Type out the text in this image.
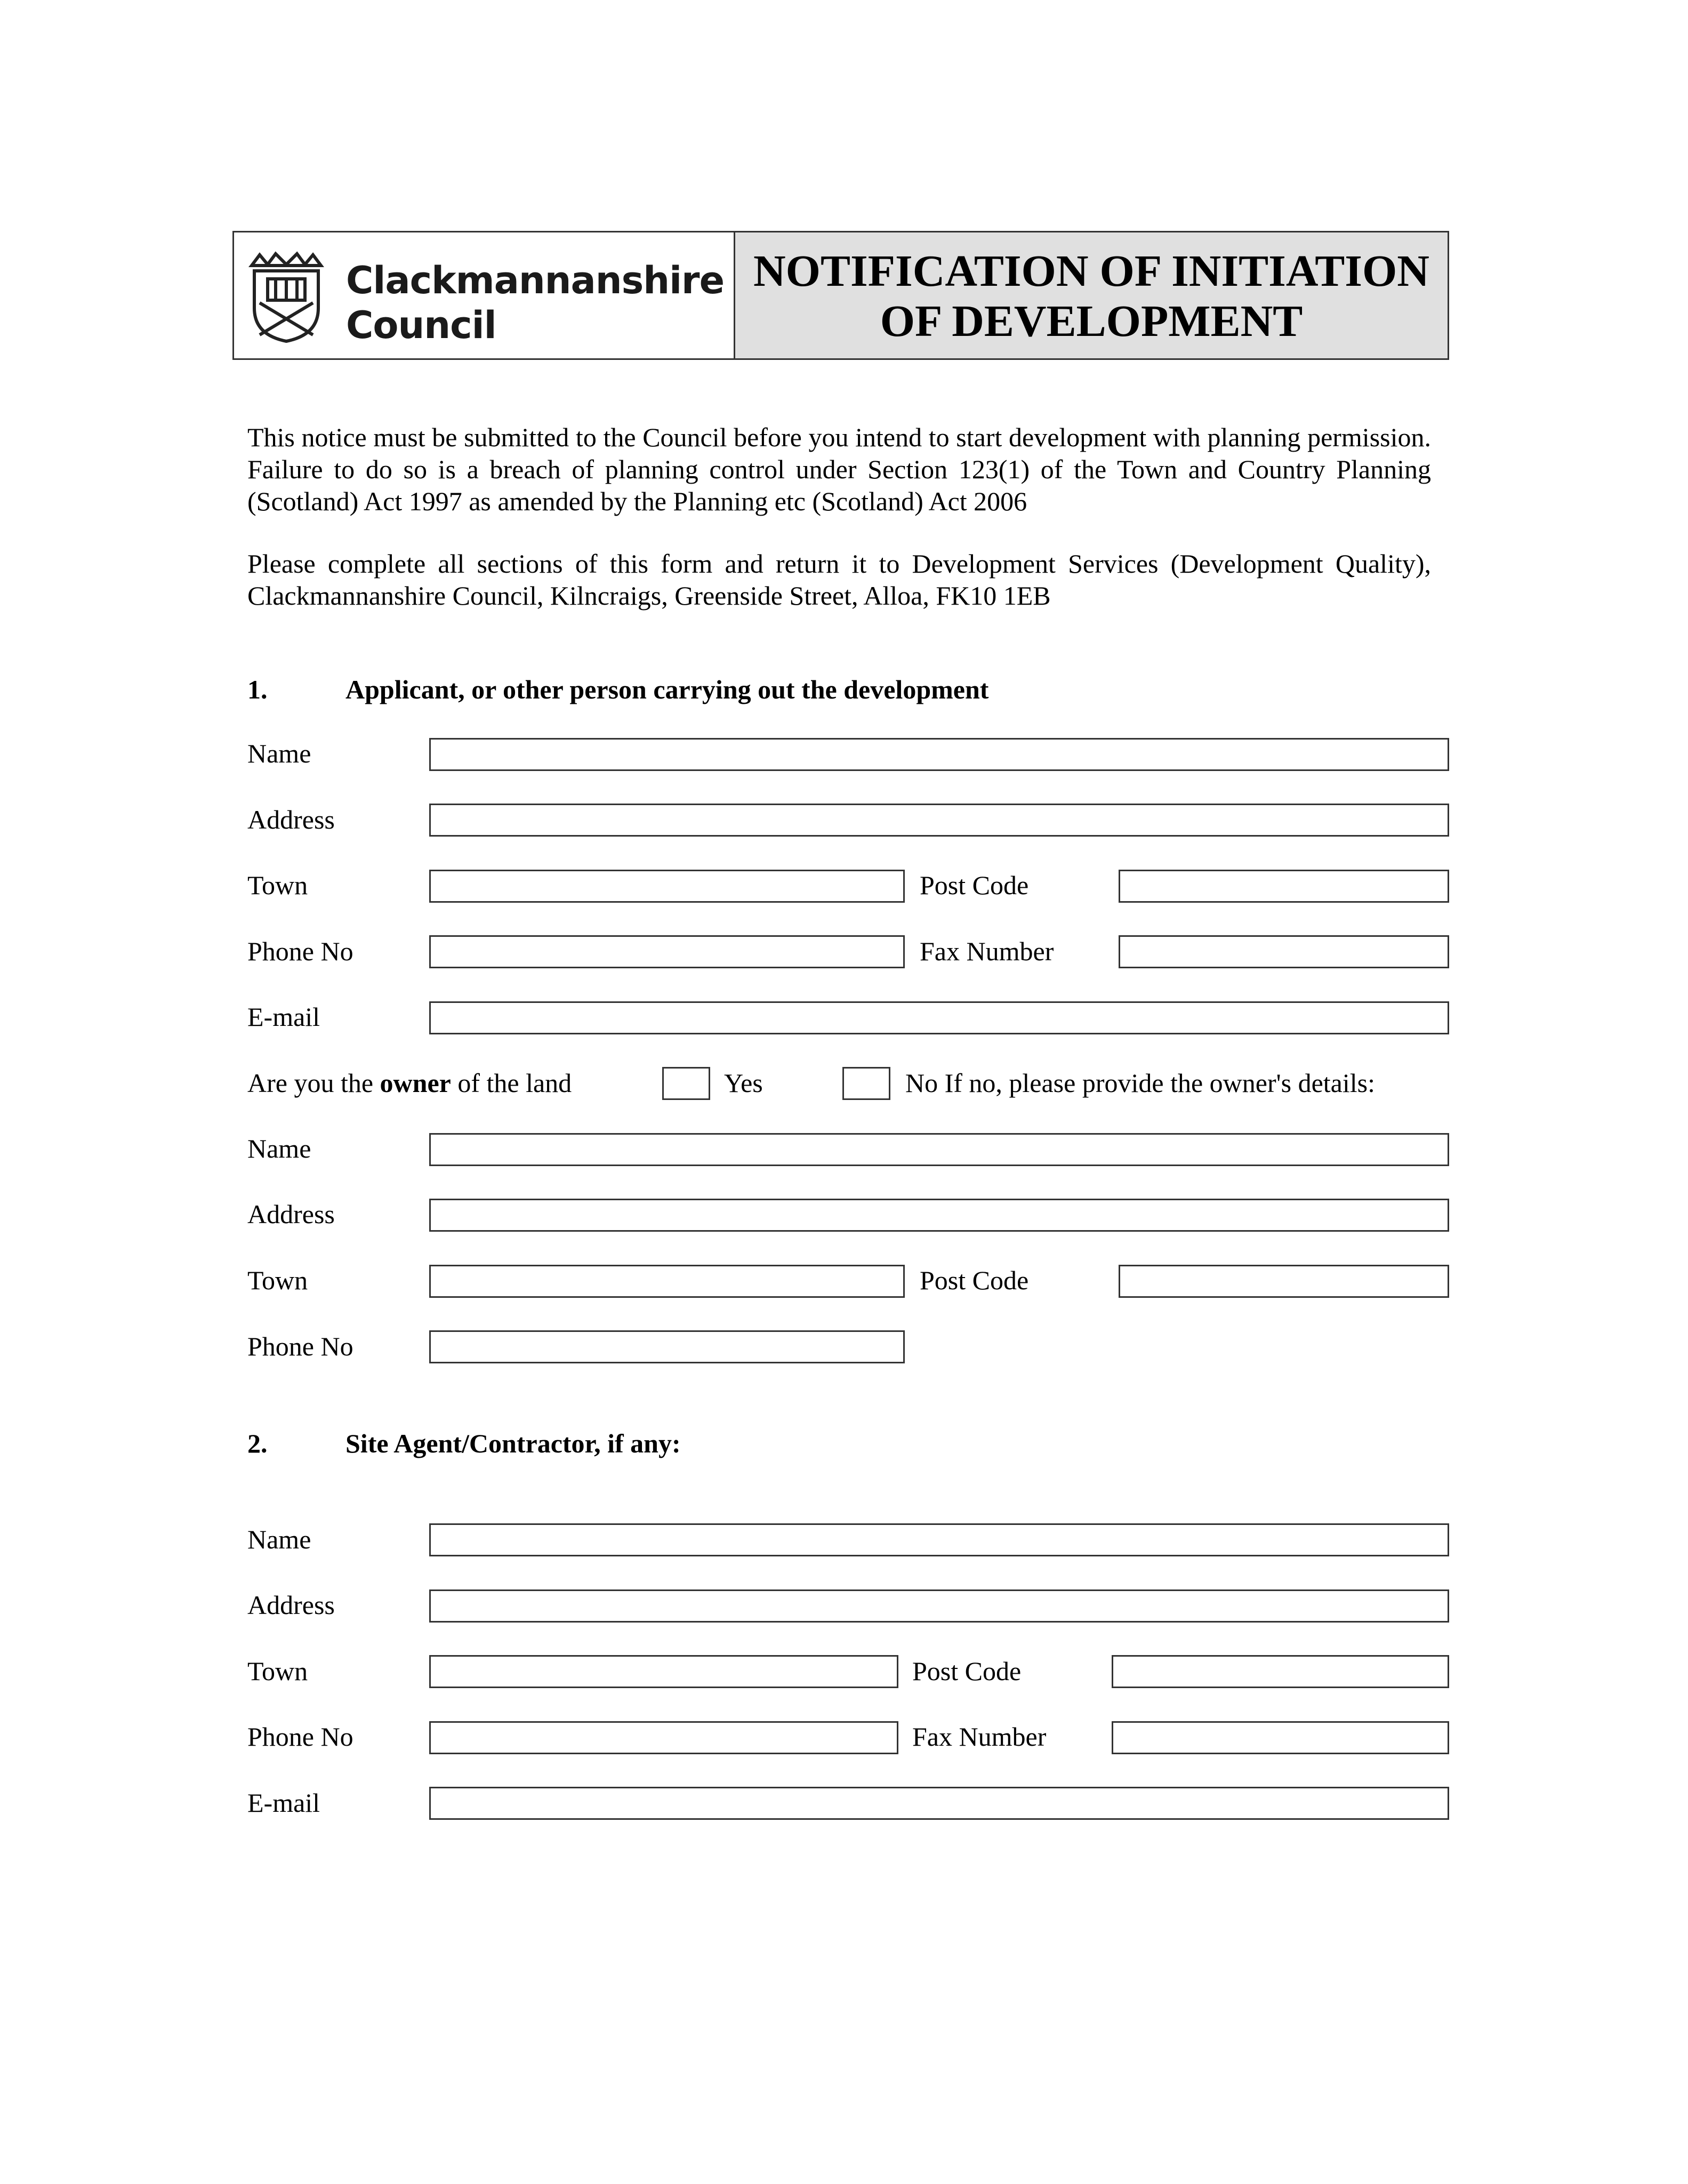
Clackmannanshire
Council
NOTIFICATION OF INITIATION
OF DEVELOPMENT
This notice must be submitted to the Council before you intend to start development with planning permission. Failure to do so is a breach of planning control under Section 123(1) of the Town and Country Planning (Scotland) Act 1997 as amended by the Planning etc (Scotland) Act 2006
Please complete all sections of this form and return it to Development Services (Development Quality), Clackmannanshire Council, Kilncraigs, Greenside Street, Alloa, FK10 1EB
1.	Applicant, or other person carrying out the development
Name
Address
Town	Post Code
Phone No	Fax Number
E-mail
Are you the owner of the land	Yes	No If no, please provide the owner's details:
Name
Address
Town	Post Code
Phone No
2.	Site Agent/Contractor, if any:
Name
Address
Town	Post Code
Phone No	Fax Number
E-mail
